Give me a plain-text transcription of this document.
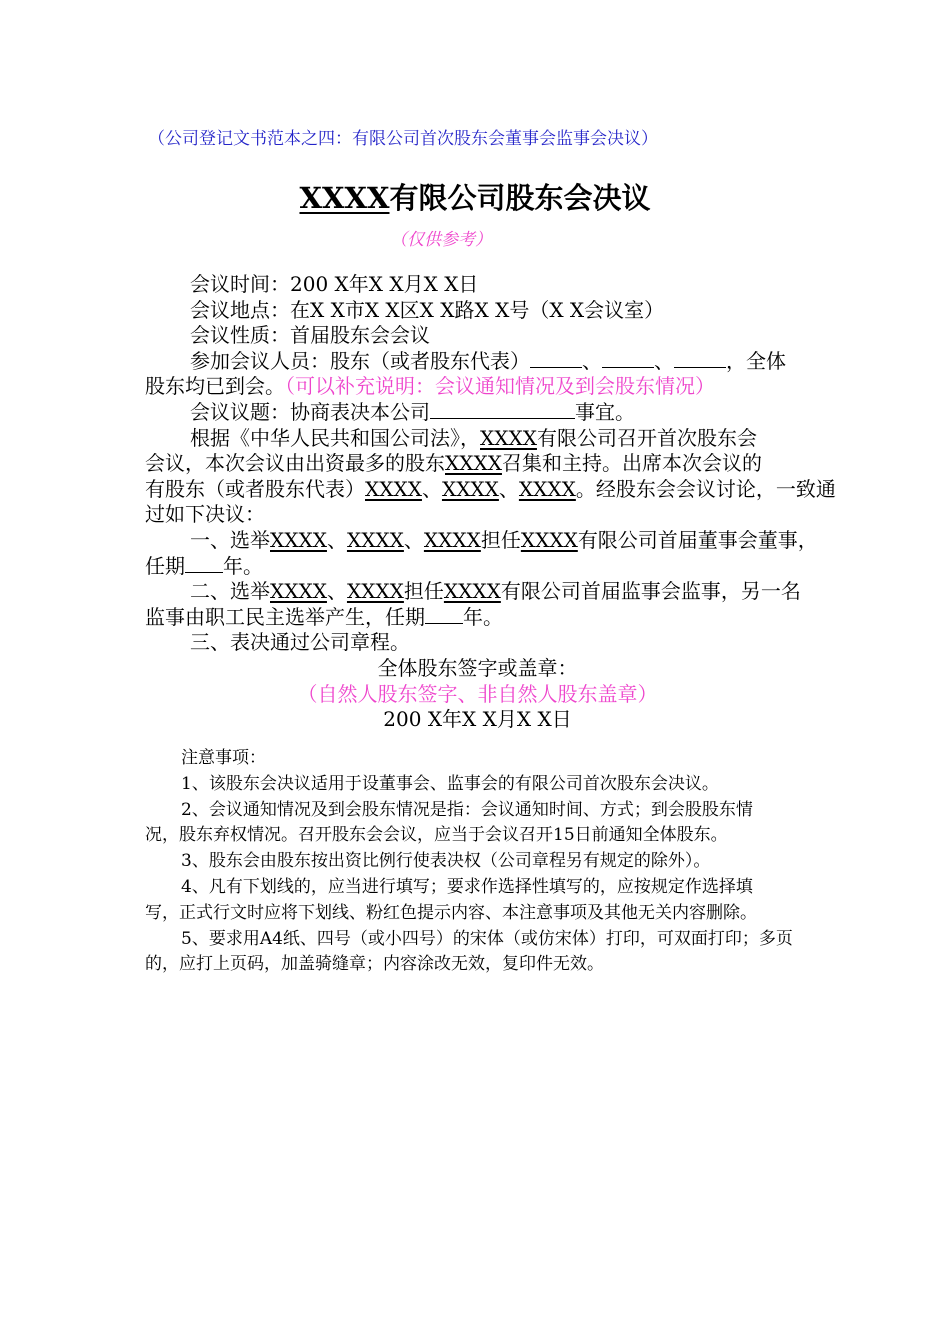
（公司登记文书范本之四：有限公司首次股东会董事会监事会决议）
XXXX有限公司股东会决议
（仅供参考）
会议时间：200 X年X X月X X日
会议地点：在X X市X X区X X路X X号（X X会议室）
会议性质：首届股东会会议
参加会议人员：股东（或者股东代表）	、	、	，全体
股东均已到会。（可以补充说明：会议通知情况及到会股东情况）
会议议题：协商表决本公司	事宜。
根据《中华人民共和国公司法》，XXXX有限公司召开首次股东会
会议，本次会议由出资最多的股东XXXX召集和主持。出席本次会议的
有股东（或者股东代表）XXXX、XXXX、XXXX。经股东会会议讨论，一致通
过如下决议：
一、选举XXXX、XXXX、XXXX担任XXXX有限公司首届董事会董事，
任期 年。
二、选举XXXX、XXXX担任XXXX有限公司首届监事会监事，另一名
监事由职工民主选举产生，任期 年。
三、表决通过公司章程。
全体股东签字或盖章：
（自然人股东签字、非自然人股东盖章）
200 X年X X月X X日
注意事项：
1、该股东会决议适用于设董事会、监事会的有限公司首次股东会决议。
2、会议通知情况及到会股东情况是指：会议通知时间、方式；到会股股东情
况，股东弃权情况。召开股东会会议，应当于会议召开15日前通知全体股东。
3、股东会由股东按出资比例行使表决权（公司章程另有规定的除外）。
4、凡有下划线的，应当进行填写；要求作选择性填写的，应按规定作选择填
写，正式行文时应将下划线、粉红色提示内容、本注意事项及其他无关内容删除。
5、要求用A4纸、四号（或小四号）的宋体（或仿宋体）打印，可双面打印；多页
的，应打上页码，加盖骑缝章；内容涂改无效，复印件无效。
